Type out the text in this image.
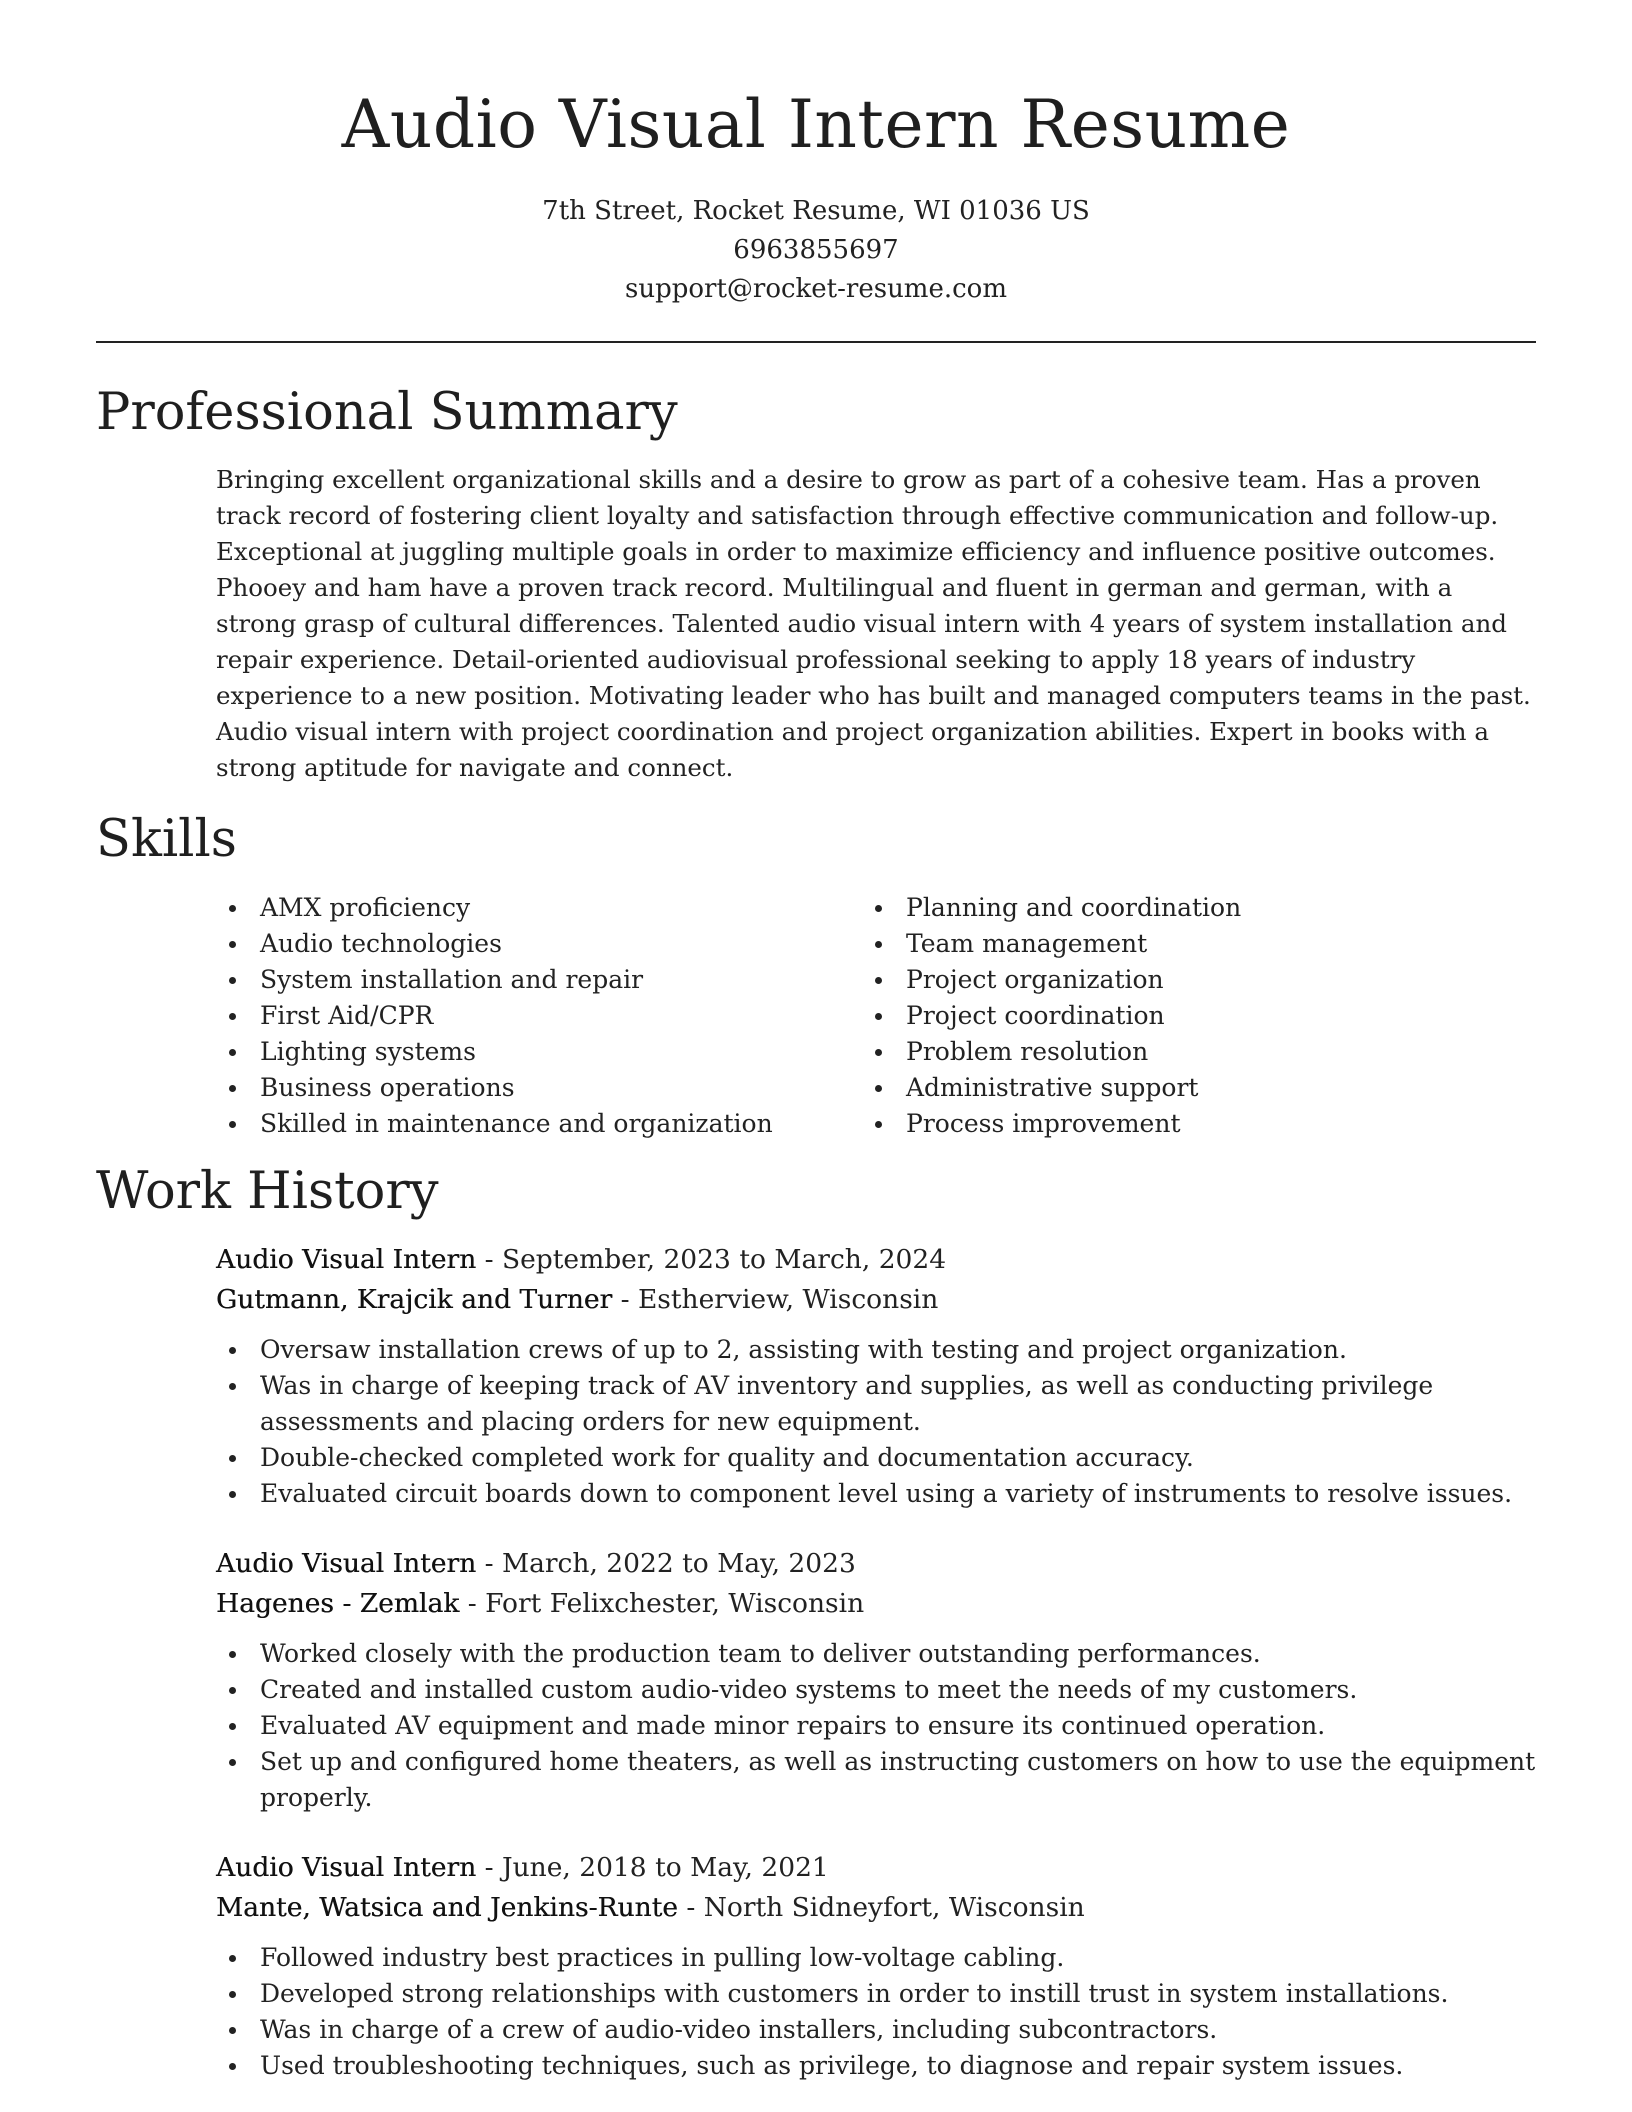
Audio Visual Intern Resume
7th Street, Rocket Resume, WI 01036 US
6963855697
support@rocket-resume.com
Professional Summary

Bringing excellent organizational skills and a desire to grow as part of a cohesive team. Has a proven track record of fostering client loyalty and satisfaction through effective communication and follow-up. Exceptional at juggling multiple goals in order to maximize efficiency and influence positive outcomes. Phooey and ham have a proven track record. Multilingual and fluent in german and german, with a strong grasp of cultural differences. Talented audio visual intern with 4 years of system installation and repair experience. Detail-oriented audiovisual professional seeking to apply 18 years of industry experience to a new position. Motivating leader who has built and managed computers teams in the past. Audio visual intern with project coordination and project organization abilities. Expert in books with a strong aptitude for navigate and connect.

Skills
AMX proficiency
Audio technologies
System installation and repair
First Aid/CPR
Lighting systems
Business operations
Skilled in maintenance and organization
Planning and coordination
Team management
Project organization
Project coordination
Problem resolution
Administrative support
Process improvement
Work History
Audio Visual Intern - September, 2023 to March, 2024
Gutmann, Krajcik and Turner - Estherview, Wisconsin
Oversaw installation crews of up to 2, assisting with testing and project organization.
Was in charge of keeping track of AV inventory and supplies, as well as conducting privilege assessments and placing orders for new equipment.
Double-checked completed work for quality and documentation accuracy.
Evaluated circuit boards down to component level using a variety of instruments to resolve issues.
Audio Visual Intern - March, 2022 to May, 2023
Hagenes - Zemlak - Fort Felixchester, Wisconsin
Worked closely with the production team to deliver outstanding performances.
Created and installed custom audio-video systems to meet the needs of my customers.
Evaluated AV equipment and made minor repairs to ensure its continued operation.
Set up and configured home theaters, as well as instructing customers on how to use the equipment properly.
Audio Visual Intern - June, 2018 to May, 2021
Mante, Watsica and Jenkins-Runte - North Sidneyfort, Wisconsin
Followed industry best practices in pulling low-voltage cabling.
Developed strong relationships with customers in order to instill trust in system installations.
Was in charge of a crew of audio-video installers, including subcontractors.
Used troubleshooting techniques, such as privilege, to diagnose and repair system issues.
